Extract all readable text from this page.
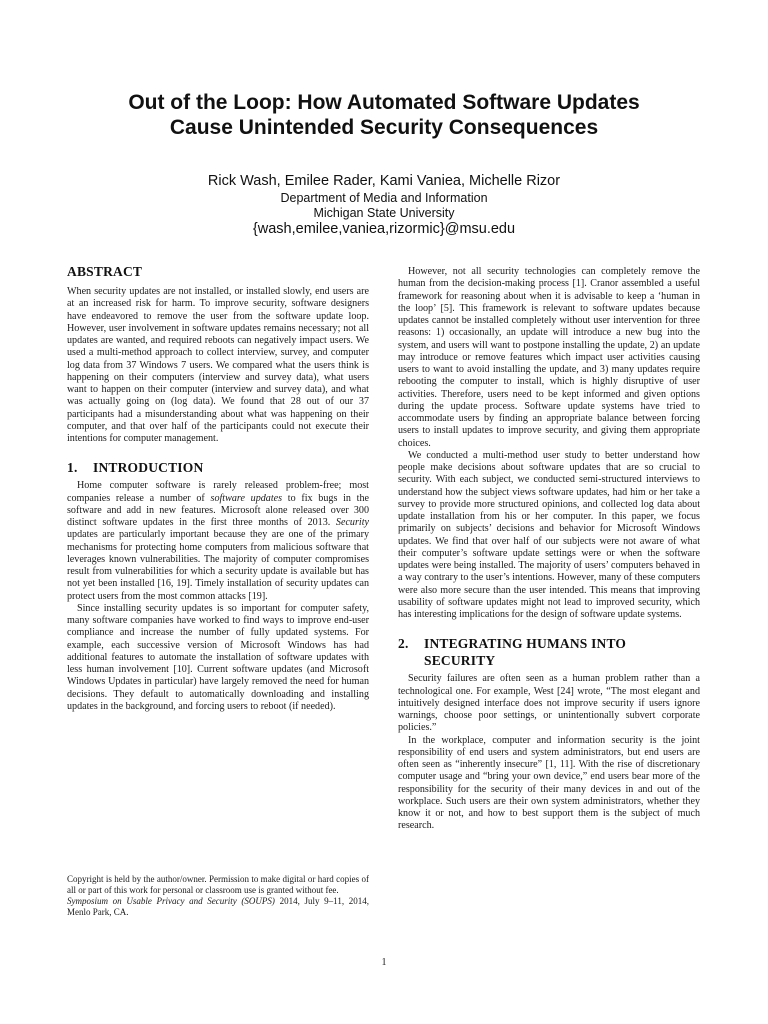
Out of the Loop: How Automated Software Updates
Cause Unintended Security Consequences
Rick Wash, Emilee Rader, Kami Vaniea, Michelle Rizor
Department of Media and Information
Michigan State University
{wash,emilee,vaniea,rizormic}@msu.edu
ABSTRACT

When security updates are not installed, or installed slowly, end users are at an increased risk for harm. To improve security, software designers have endeavored to remove the user from the software update loop. However, user involvement in software updates remains necessary; not all updates are wanted, and required reboots can negatively impact users. We used a multi-method approach to collect interview, survey, and computer log data from 37 Windows 7 users. We compared what the users think is happening on their computers (interview and survey data), what users want to happen on their computer (interview and survey data), and what was actually going on (log data). We found that 28 out of our 37 participants had a misunderstanding about what was happening on their computer, and that over half of the participants could not execute their intentions for computer management.

1. INTRODUCTION

Home computer software is rarely released problem-free; most companies release a number of software updates to fix bugs in the software and add in new features. Microsoft alone released over 300 distinct software updates in the first three months of 2013. Security updates are particularly important because they are one of the primary mechanisms for protecting home computers from malicious software that leverages known vulnerabilities. The majority of computer compromises result from vulnerabilities for which a security update is available but has not yet been installed [16, 19]. Timely installation of security updates can protect users from the most common attacks [19].

Since installing security updates is so important for computer safety, many software companies have worked to find ways to improve end-user compliance and increase the number of fully updated systems. For example, each successive version of Microsoft Windows has had additional features to automate the installation of software updates with less human involvement [10]. Current software updates (and Microsoft Windows Updates in particular) have largely removed the need for human decisions. They default to automatically downloading and installing updates in the background, and forcing users to reboot (if needed).

Copyright is held by the author/owner. Permission to make digital or hard copies of all or part of this work for personal or classroom use is granted without fee.

Symposium on Usable Privacy and Security (SOUPS) 2014, July 9–11, 2014, Menlo Park, CA.

However, not all security technologies can completely remove the human from the decision-making process [1]. Cranor assembled a useful framework for reasoning about when it is advisable to keep a ‘human in the loop’ [5]. This framework is relevant to software updates because updates cannot be installed completely without user intervention for three reasons: 1) occasionally, an update will introduce a new bug into the system, and users will want to postpone installing the update, 2) an update may introduce or remove features which impact user activities causing users to want to avoid installing the update, and 3) many updates require rebooting the computer to install, which is highly disruptive of user activities. Therefore, users need to be kept informed and given options during the update process. Software update systems have tried to accommodate users by finding an appropriate balance between forcing users to install updates to improve security, and giving them appropriate choices.

We conducted a multi-method user study to better understand how people make decisions about software updates that are so crucial to security. With each subject, we conducted semi-structured interviews to understand how the subject views software updates, had him or her take a survey to provide more structured opinions, and collected log data about update installation from his or her computer. In this paper, we focus primarily on subjects’ decisions and behavior for Microsoft Windows updates. We find that over half of our subjects were not aware of what their computer’s software update settings were or when the software updates were being installed. The majority of users’ computers behaved in a way contrary to the user’s intentions. However, many of these computers were also more secure than the user intended. This means that improving usability of software updates might not lead to improved security, which has interesting implications for the design of software update systems.

2.	INTEGRATING HUMANS INTO
SECURITY

Security failures are often seen as a human problem rather than a technological one. For example, West [24] wrote, “The most elegant and intuitively designed interface does not improve security if users ignore warnings, choose poor settings, or unintentionally subvert corporate policies.”

In the workplace, computer and information security is the joint responsibility of end users and system administrators, but end users are often seen as “inherently insecure” [1, 11]. With the rise of discretionary computer usage and “bring your own device,” end users bear more of the responsibility for the security of their many devices in and out of the workplace. Such users are their own system administrators, whether they know it or not, and how to best support them is the subject of much research.

1
